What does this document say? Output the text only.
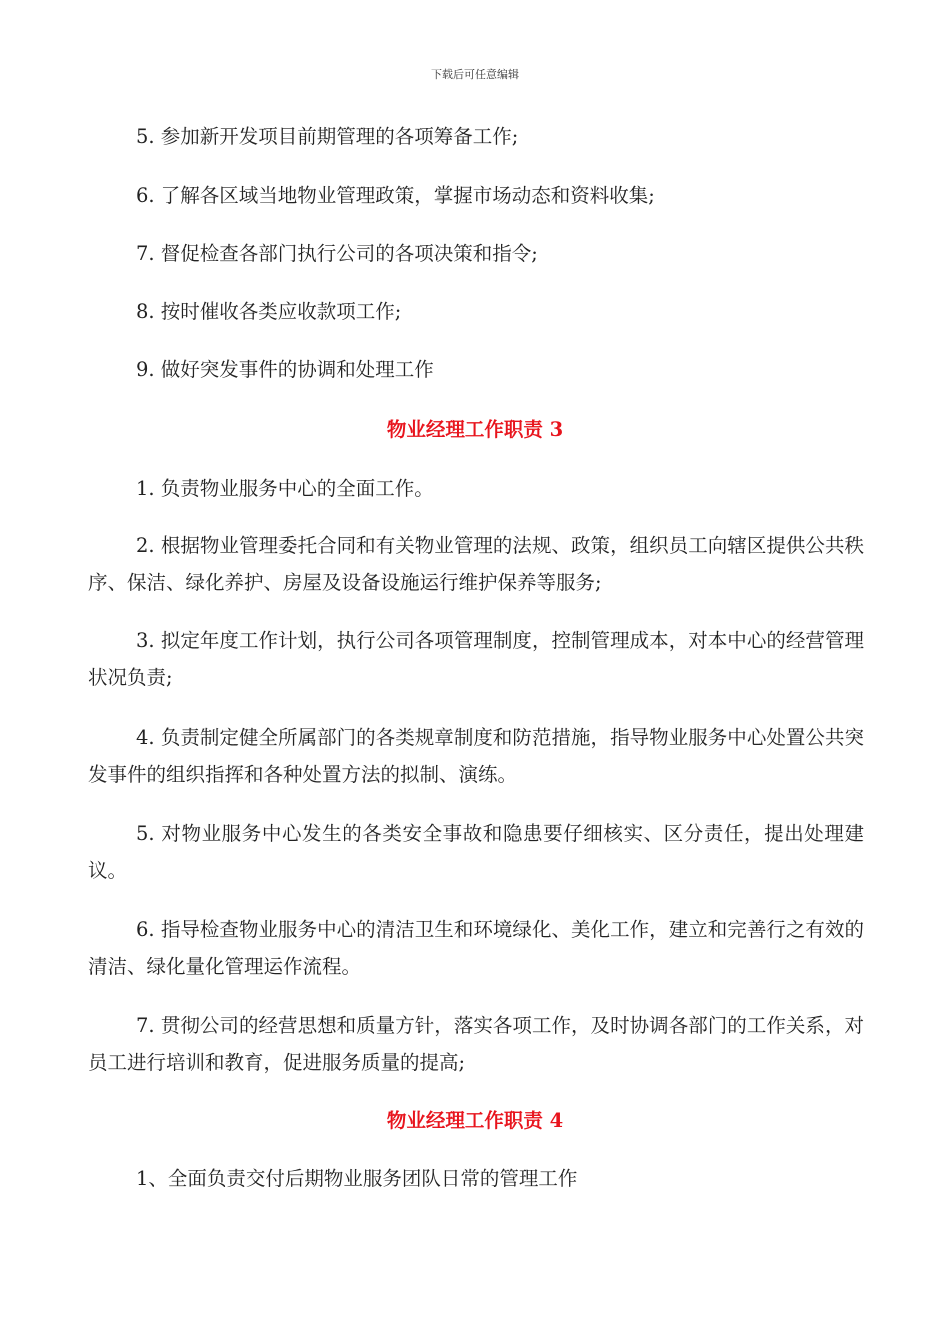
下载后可任意编辑
5. 参加新开发项目前期管理的各项筹备工作;
6. 了解各区域当地物业管理政策，掌握市场动态和资料收集;
7. 督促检查各部门执行公司的各项决策和指令;
8. 按时催收各类应收款项工作;
9. 做好突发事件的协调和处理工作
物业经理工作职责 3
1. 负责物业服务中心的全面工作。
2. 根据物业管理委托合同和有关物业管理的法规、政策，组织员工向辖区提供公共秩序、保洁、绿化养护、房屋及设备设施运行维护保养等服务;
3. 拟定年度工作计划，执行公司各项管理制度，控制管理成本，对本中心的经营管理状况负责;
4. 负责制定健全所属部门的各类规章制度和防范措施，指导物业服务中心处置公共突发事件的组织指挥和各种处置方法的拟制、演练。
5. 对物业服务中心发生的各类安全事故和隐患要仔细核实、区分责任，提出处理建议。
6. 指导检查物业服务中心的清洁卫生和环境绿化、美化工作，建立和完善行之有效的清洁、绿化量化管理运作流程。
7. 贯彻公司的经营思想和质量方针，落实各项工作，及时协调各部门的工作关系，对员工进行培训和教育，促进服务质量的提高;
物业经理工作职责 4
1、全面负责交付后期物业服务团队日常的管理工作
